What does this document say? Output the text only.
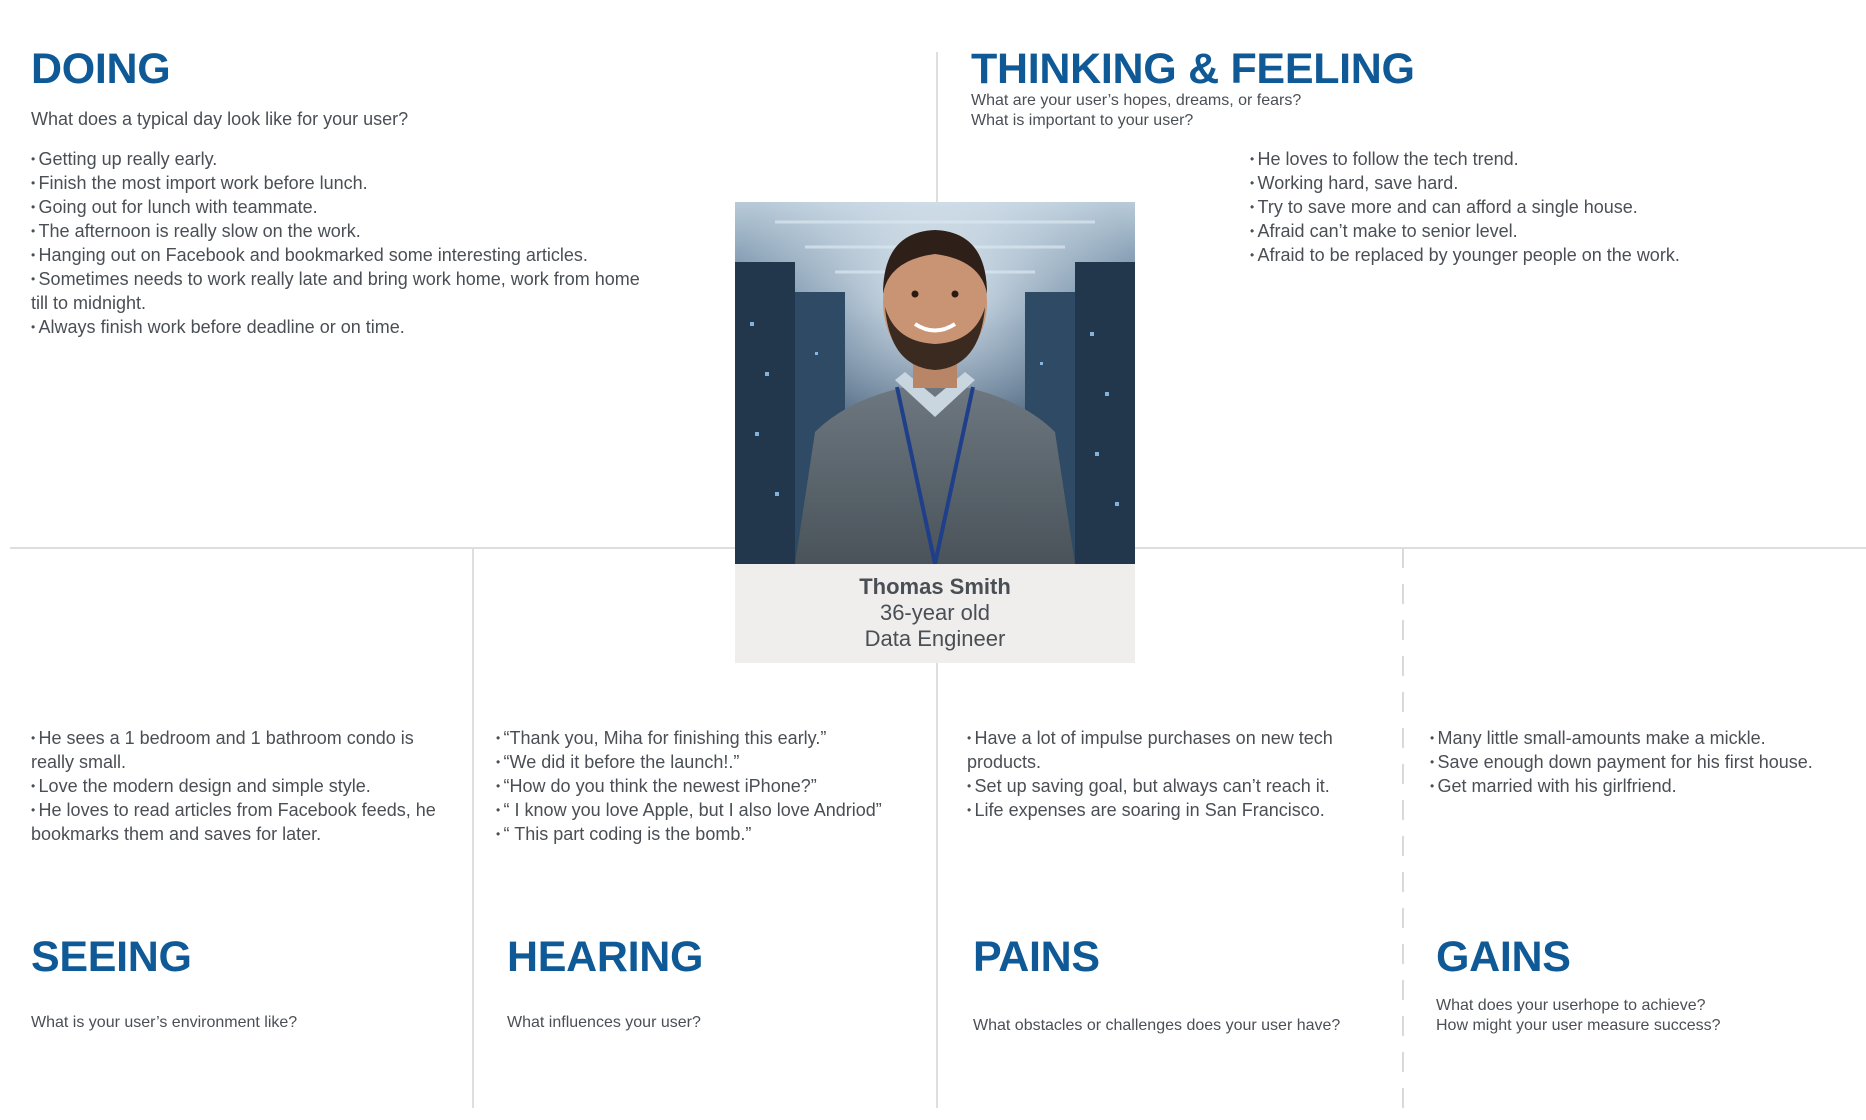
DOING
What does a typical day look like for your user?
• Getting up really early.
• Finish the most import work before lunch.
• Going out for lunch with teammate.
• The afternoon is really slow on the work.
• Hanging out on Facebook and bookmarked some interesting articles.
• Sometimes needs to work really late and bring work home, work from home till to midnight.
• Always finish work before deadline or on time.
THINKING & FEELING
What are your user’s hopes, dreams, or fears?
What is important to your user?
• He loves to follow the tech trend.
• Working hard, save hard.
• Try to save more and can afford a single house.
• Afraid can’t make to senior level.
• Afraid to be replaced by younger people on the work.
Thomas Smith
36-year old
Data Engineer
• He sees a 1 bedroom and 1 bathroom condo is really small.
• Love the modern design and simple style.
• He loves to read articles from Facebook feeds, he bookmarks them and saves for later.
SEEING
What is your user’s environment like?
• “Thank you, Miha for finishing this early.”
• “We did it before the launch!.”
• “How do you think the newest iPhone?”
• “ I know you love Apple, but I also love Andriod”
• “ This part coding is the bomb.”
HEARING
What influences your user?
• Have a lot of impulse purchases on new tech products.
• Set up saving goal, but always can’t reach it.
• Life expenses are soaring in San Francisco.
PAINS
What obstacles or challenges does your user have?
• Many little small-amounts make a mickle.
• Save enough down payment for his first house.
• Get married with his girlfriend.
GAINS
What does your userhope to achieve?
How might your user measure success?
